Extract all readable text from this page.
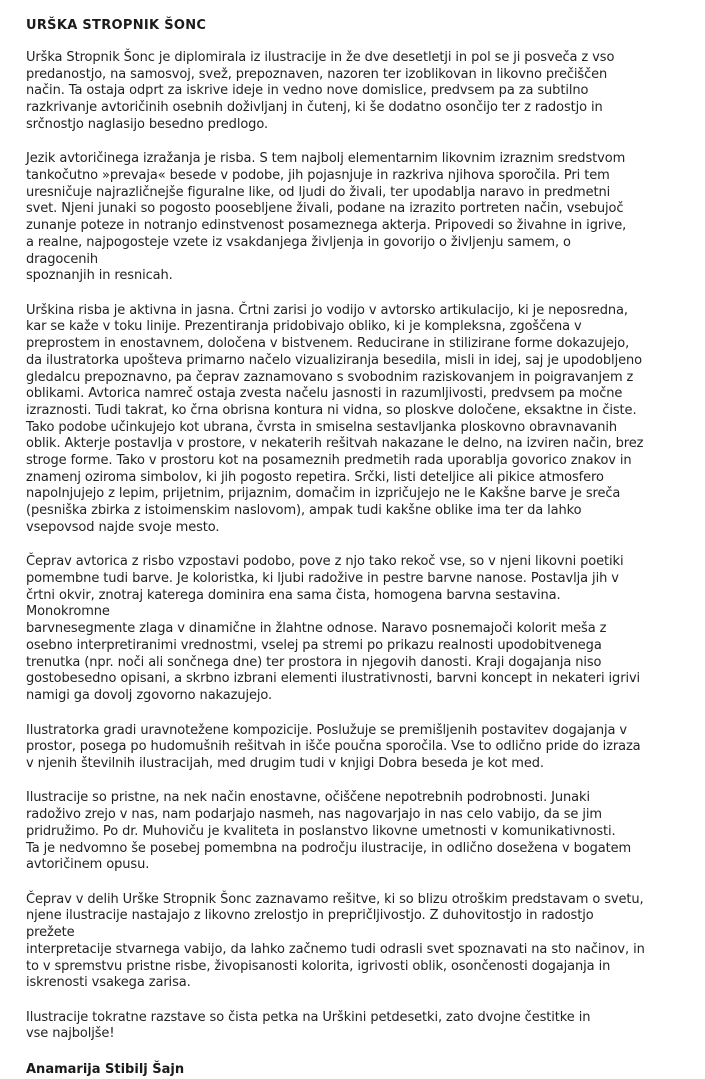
URŠKA STROPNIK ŠONC

Urška Stropnik Šonc je diplomirala iz ilustracije in že dve desetletji in pol se ji posveča z vso
predanostjo, na samosvoj, svež, prepoznaven, nazoren ter izoblikovan in likovno prečiščen
način. Ta ostaja odprt za iskrive ideje in vedno nove domislice, predvsem pa za subtilno
razkrivanje avtoričinih osebnih doživljanj in čutenj, ki še dodatno osončijo ter z radostjo in
srčnostjo naglasijo besedno predlogo.

Jezik avtoričinega izražanja je risba. S tem najbolj elementarnim likovnim izraznim sredstvom
tankočutno »prevaja« besede v podobe, jih pojasnjuje in razkriva njihova sporočila. Pri tem
uresničuje najrazličnejše figuralne like, od ljudi do živali, ter upodablja naravo in predmetni
svet. Njeni junaki so pogosto poosebljene živali, podane na izrazito portreten način, vsebujoč
zunanje poteze in notranjo edinstvenost posameznega akterja. Pripovedi so živahne in igrive,
a realne, najpogosteje vzete iz vsakdanjega življenja in govorijo o življenju samem, o dragocenih
spoznanjih in resnicah.

Urškina risba je aktivna in jasna. Črtni zarisi jo vodijo v avtorsko artikulacijo, ki je neposredna,
kar se kaže v toku linije. Prezentiranja pridobivajo obliko, ki je kompleksna, zgoščena v
preprostem in enostavnem, določena v bistvenem. Reducirane in stilizirane forme dokazujejo,
da ilustratorka upošteva primarno načelo vizualiziranja besedila, misli in idej, saj je upodobljeno
gledalcu prepoznavno, pa čeprav zaznamovano s svobodnim raziskovanjem in poigravanjem z
oblikami. Avtorica namreč ostaja zvesta načelu jasnosti in razumljivosti, predvsem pa močne
izraznosti. Tudi takrat, ko črna obrisna kontura ni vidna, so ploskve določene, eksaktne in čiste.
Tako podobe učinkujejo kot ubrana, čvrsta in smiselna sestavljanka ploskovno obravnavanih
oblik. Akterje postavlja v prostore, v nekaterih rešitvah nakazane le delno, na izviren način, brez
stroge forme. Tako v prostoru kot na posameznih predmetih rada uporablja govorico znakov in
znamenj oziroma simbolov, ki jih pogosto repetira. Srčki, listi deteljice ali pikice atmosfero
napolnjujejo z lepim, prijetnim, prijaznim, domačim in izpričujejo ne le Kakšne barve je sreča
(pesniška zbirka z istoimenskim naslovom), ampak tudi kakšne oblike ima ter da lahko
vsepovsod najde svoje mesto.

Čeprav avtorica z risbo vzpostavi podobo, pove z njo tako rekoč vse, so v njeni likovni poetiki
pomembne tudi barve. Je koloristka, ki ljubi radožive in pestre barvne nanose. Postavlja jih v
črtni okvir, znotraj katerega dominira ena sama čista, homogena barvna sestavina. Monokromne
barvnesegmente zlaga v dinamične in žlahtne odnose. Naravo posnemajoči kolorit meša z
osebno interpretiranimi vrednostmi, vselej pa stremi po prikazu realnosti upodobitvenega
trenutka (npr. noči ali sončnega dne) ter prostora in njegovih danosti. Kraji dogajanja niso
gostobesedno opisani, a skrbno izbrani elementi ilustrativnosti, barvni koncept in nekateri igrivi
namigi ga dovolj zgovorno nakazujejo.

Ilustratorka gradi uravnotežene kompozicije. Poslužuje se premišljenih postavitev dogajanja v
prostor, posega po hudomušnih rešitvah in išče poučna sporočila. Vse to odlično pride do izraza
v njenih številnih ilustracijah, med drugim tudi v knjigi Dobra beseda je kot med.

Ilustracije so pristne, na nek način enostavne, očiščene nepotrebnih podrobnosti. Junaki
radoživo zrejo v nas, nam podarjajo nasmeh, nas nagovarjajo in nas celo vabijo, da se jim
pridružimo. Po dr. Muhoviču je kvaliteta in poslanstvo likovne umetnosti v komunikativnosti.
Ta je nedvomno še posebej pomembna na področju ilustracije, in odlično doseženа v bogatem
avtoričinem opusu.

Čeprav v delih Urške Stropnik Šonc zaznavamo rešitve, ki so blizu otroškim predstavam o svetu,
njene ilustracije nastajajo z likovno zrelostjo in prepričljivostjo. Z duhovitostjo in radostjo prežete
interpretacije stvarnega vabijo, da lahko začnemo tudi odrasli svet spoznavati na sto načinov, in
to v spremstvu pristne risbe, živopisanosti kolorita, igrivosti oblik, osončenosti dogajanja in
iskrenosti vsakega zarisa.

Ilustracije tokratne razstave so čista petka na Urškini petdesetki, zato dvojne čestitke in
vse najboljše!

Anamarija Stibilj Šajn
